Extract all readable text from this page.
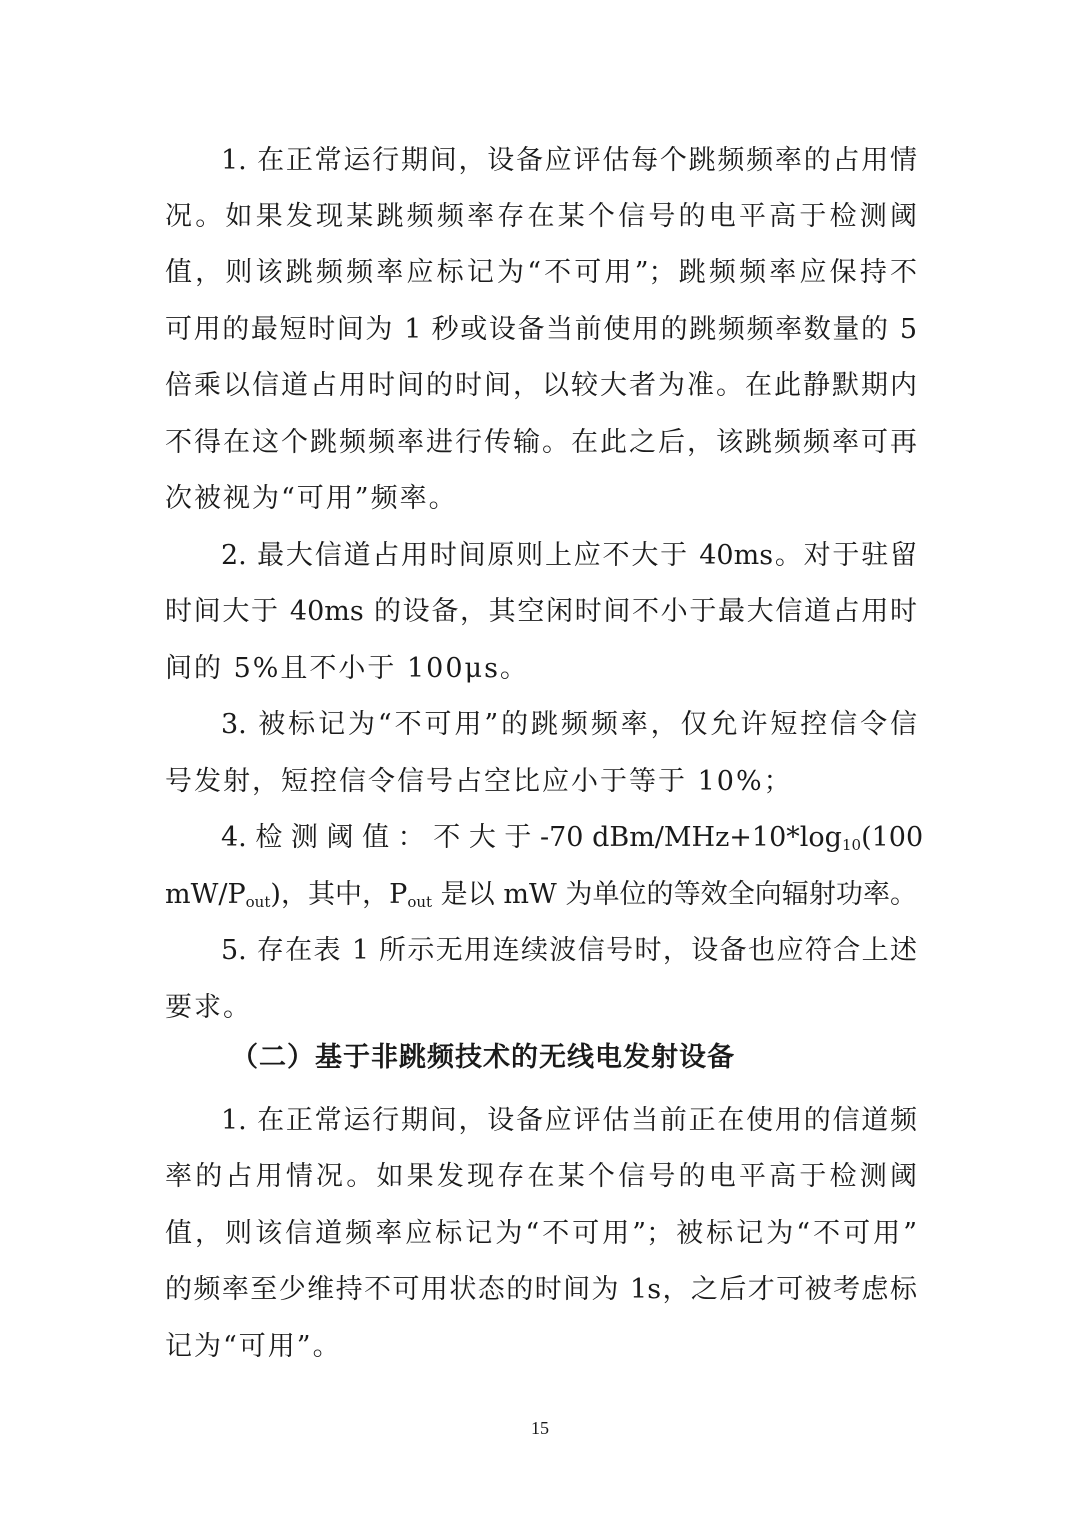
1. 在正常运行期间，设备应评估每个跳频频率的占用情
况。如果发现某跳频频率存在某个信号的电平高于检测阈
值，则该跳频频率应标记为“不可用”；跳频频率应保持不
可用的最短时间为 1 秒或设备当前使用的跳频频率数量的 5
倍乘以信道占用时间的时间，以较大者为准。在此静默期内
不得在这个跳频频率进行传输。在此之后，该跳频频率可再
次被视为“可用”频率。
2. 最大信道占用时间原则上应不大于 40ms。对于驻留
时间大于 40ms 的设备，其空闲时间不小于最大信道占用时
间的 5%且不小于 100μs。
3. 被标记为“不可用”的跳频频率，仅允许短控信令信
号发射，短控信令信号占空比应小于等于 10%；
4. 检 测 阈 值 ： 不 大 于 -70 dBm/$MHz+10*\log_{10}(100$
$mW/P_{out}$)，其中，$P_{out}$ 是以 mW 为单位的等效全向辐射功率。
5. 存在表 1 所示无用连续波信号时，设备也应符合上述
要求。
（二）基于非跳频技术的无线电发射设备
1. 在正常运行期间，设备应评估当前正在使用的信道频
率的占用情况。如果发现存在某个信号的电平高于检测阈
值，则该信道频率应标记为“不可用”；被标记为“不可用”
的频率至少维持不可用状态的时间为 1s，之后才可被考虑标
记为“可用”。
15
